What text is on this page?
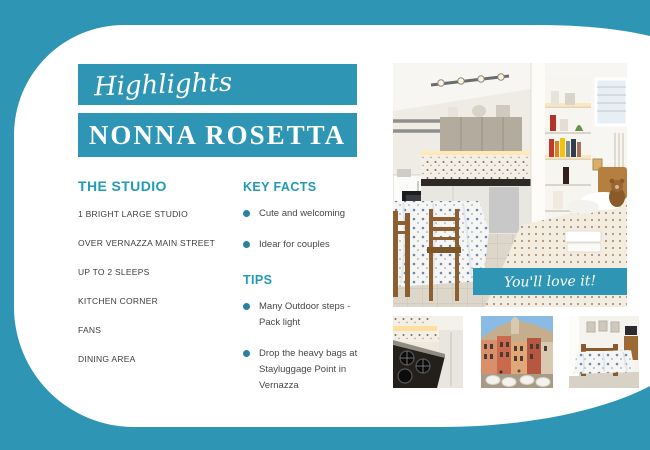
Highlights
NONNA ROSETTA
THE STUDIO
1 BRIGHT LARGE STUDIO
OVER VERNAZZA MAIN STREET
UP TO 2 SLEEPS
KITCHEN CORNER
FANS
DINING AREA
KEY FACTS
Cute and welcoming
Idear for couples
TIPS
Many Outdoor steps - Pack light
Drop the heavy bags at Stayluggage Point in Vernazza
You'll love it!
